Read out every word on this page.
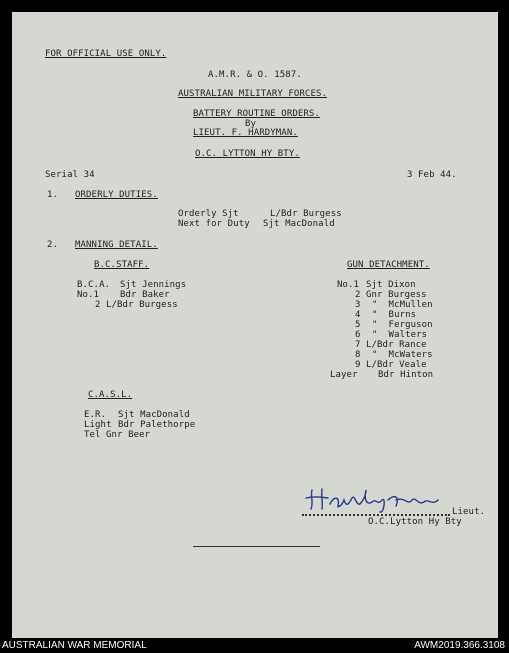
FOR OFFICIAL USE ONLY.
A.M.R. & O. 1587.
AUSTRALIAN MILITARY FORCES.
BATTERY ROUTINE ORDERS.
By
LIEUT. F. HARDYMAN.
O.C. LYTTON HY BTY.
Serial 34	3 Feb 44.
1. ORDERLY DUTIES.
Orderly Sjt	L/Bdr Burgess
Next for Duty Sjt MacDonald
2. MANNING DETAIL.
B.C.STAFF.	GUN DETACHMENT.
B.C.A. Sjt Jennings
No.1 Bdr Baker
2 L/Bdr Burgess
No.1 Sjt Dixon
2 Gnr Burgess
3 "  McMullen
4 "  Burns
5 "  Ferguson
6 "  Walters
7 L/Bdr Rance
8 "  McWaters
9 L/Bdr Veale
Layer Bdr Hinton
C.A.S.L.
E.R. Sjt MacDonald
Light Bdr Palethorpe
Tel Gnr Beer
Lieut.
O.C.Lytton Hy Bty
AUSTRALIAN WAR MEMORIAL	AWM2019.366.3108
